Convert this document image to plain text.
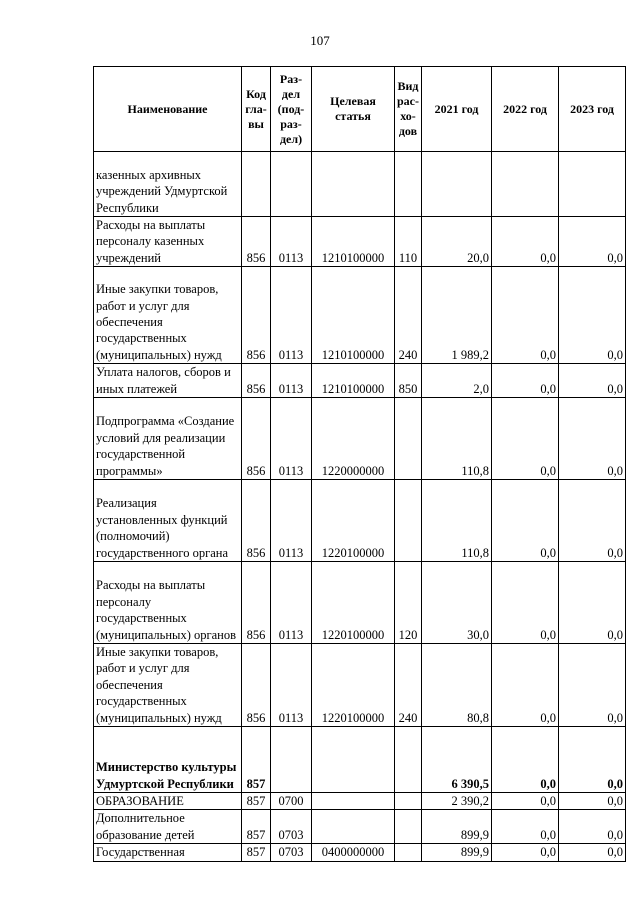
107
Наименование	Код гла-вы	Раз-дел (под-раз-дел)	Целевая статья	Вид рас-хо-дов	2021 год	2022 год	2023 год
казенных архивных учреждений Удмуртской Республики							
Расходы на выплаты персоналу казенных учреждений	856	0113	1210100000	110	20,0	0,0	0,0
Иные закупки товаров, работ и услуг для обеспечения государственных (муниципальных) нужд	856	0113	1210100000	240	1 989,2	0,0	0,0
Уплата налогов, сборов и иных платежей	856	0113	1210100000	850	2,0	0,0	0,0
Подпрограмма «Создание условий для реализации государственной программы»	856	0113	1220000000		110,8	0,0	0,0
Реализация установленных функций (полномочий) государственного органа	856	0113	1220100000		110,8	0,0	0,0
Расходы на выплаты персоналу государственных (муниципальных) органов	856	0113	1220100000	120	30,0	0,0	0,0
Иные закупки товаров, работ и услуг для обеспечения государственных (муниципальных) нужд	856	0113	1220100000	240	80,8	0,0	0,0
Министерство культуры Удмуртской Республики	857				6 390,5	0,0	0,0
ОБРАЗОВАНИЕ	857	0700			2 390,2	0,0	0,0
Дополнительное образование детей	857	0703			899,9	0,0	0,0
Государственная	857	0703	0400000000		899,9	0,0	0,0
